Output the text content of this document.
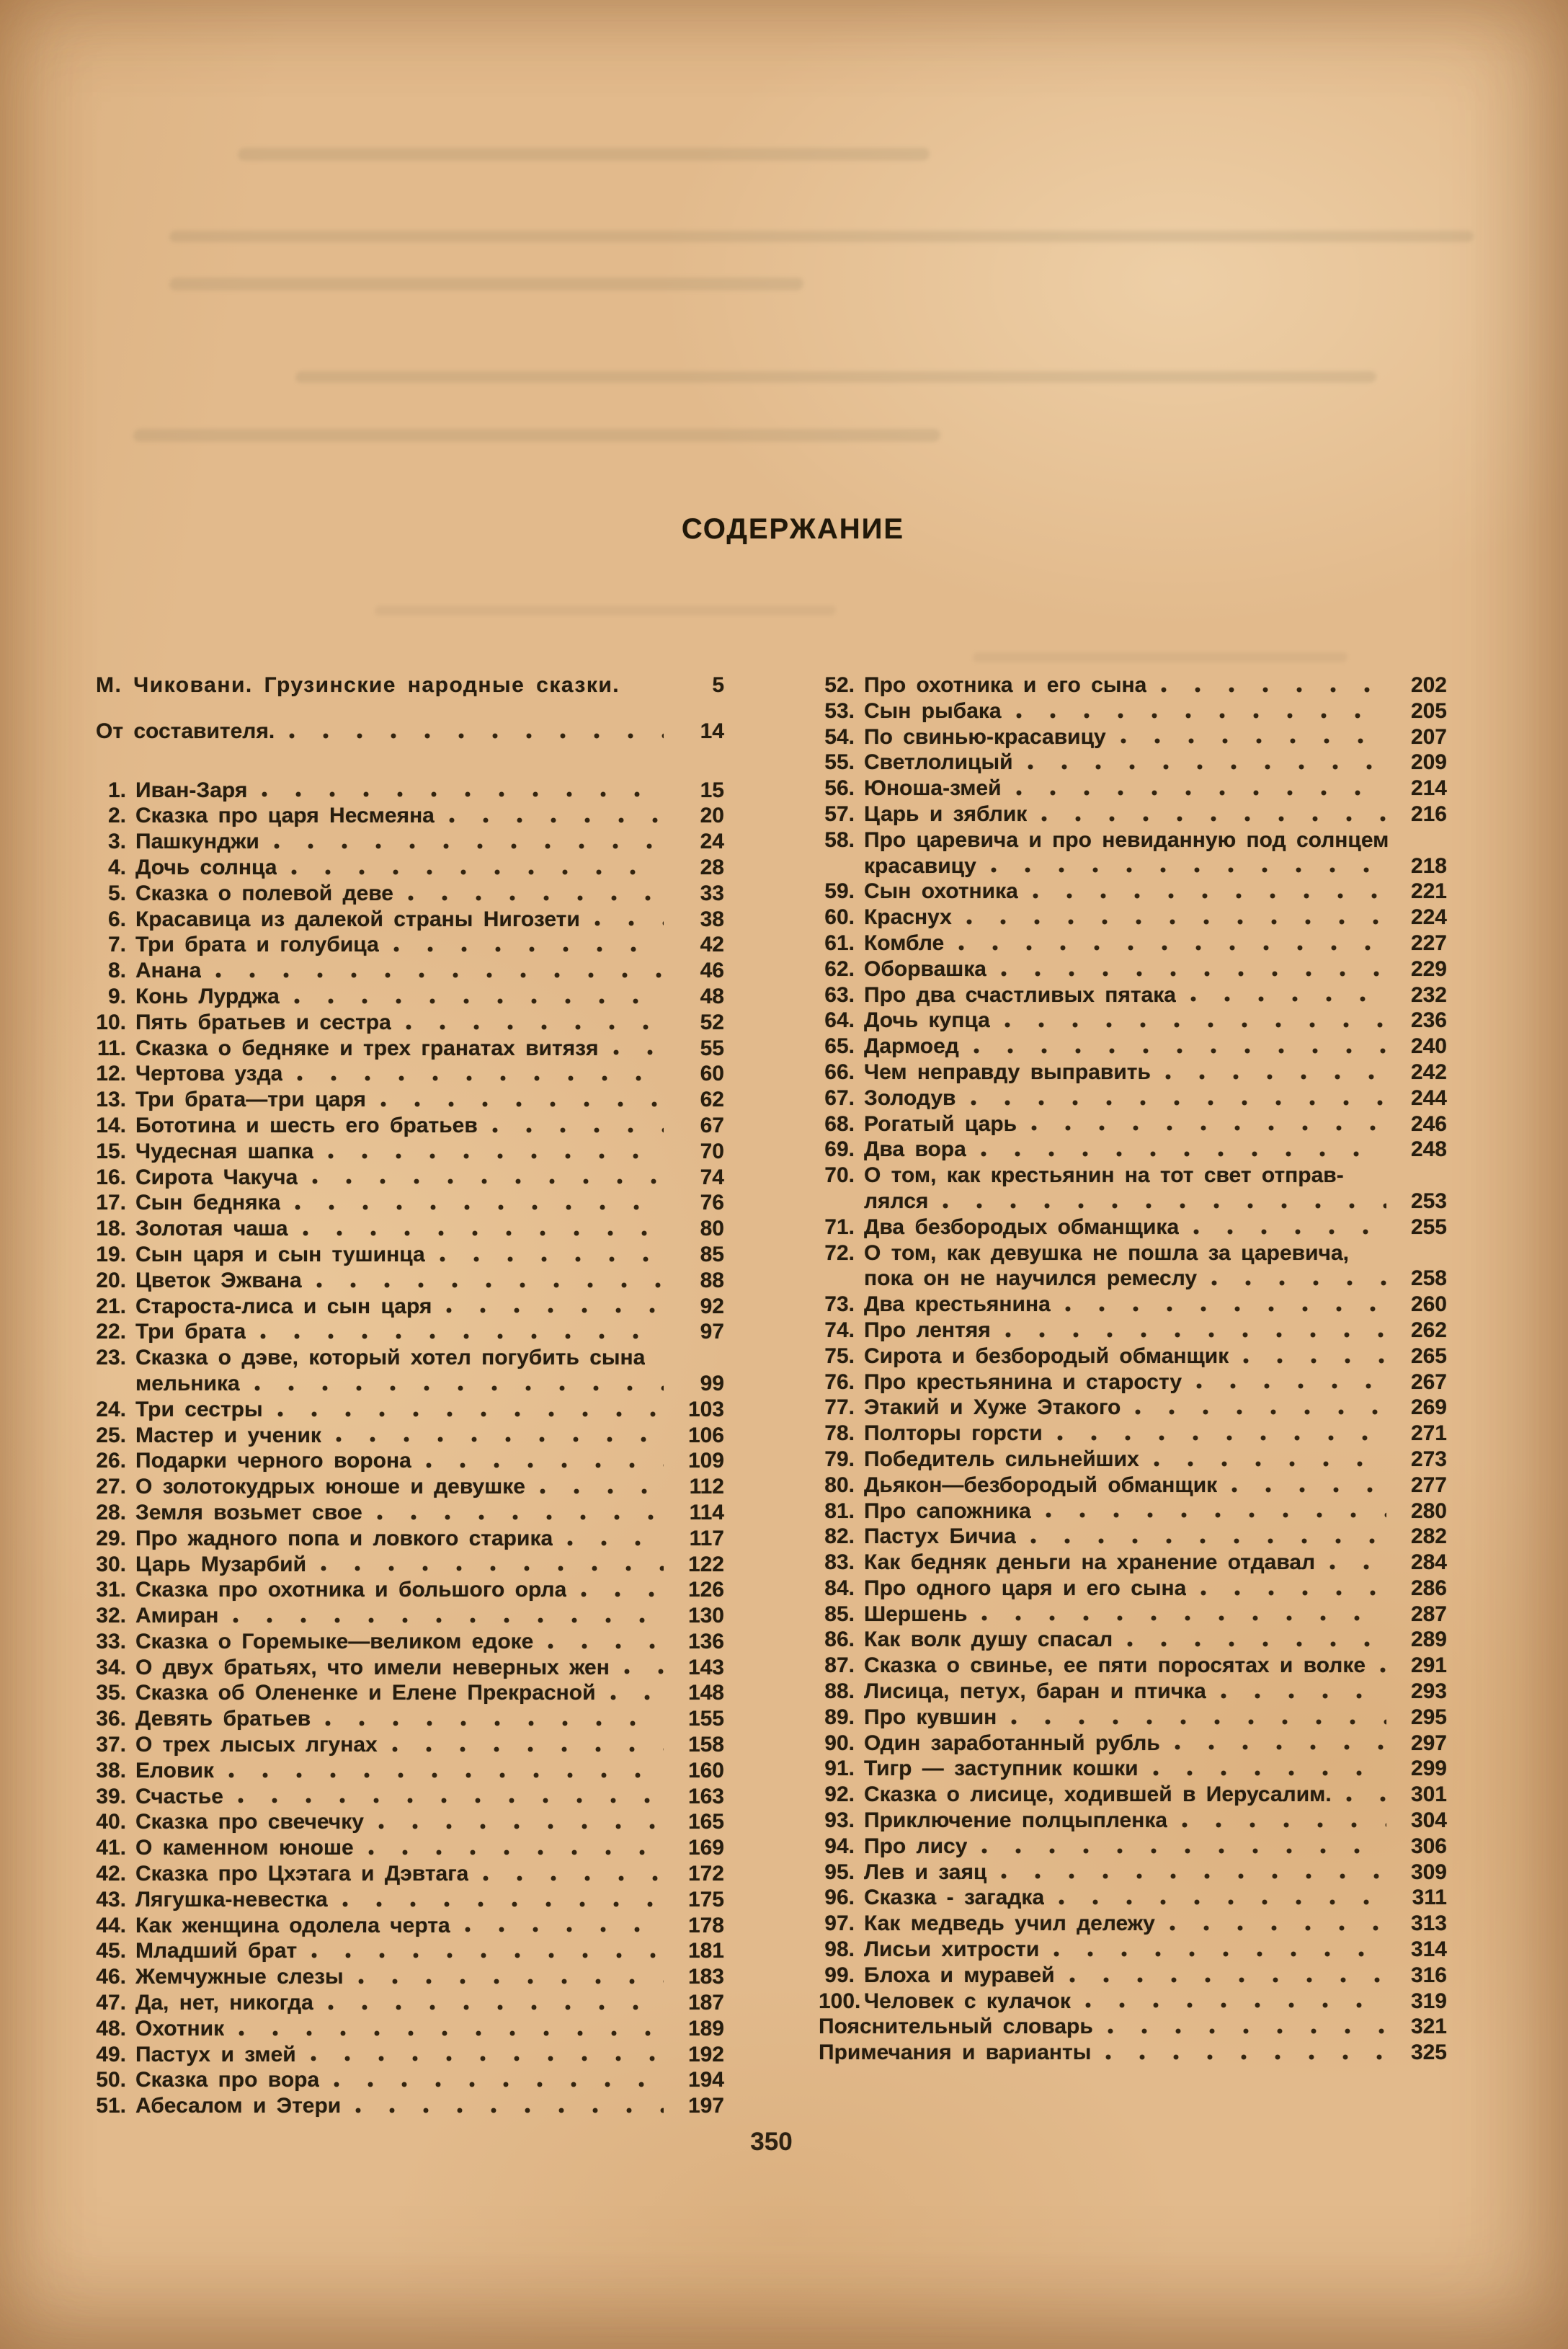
СОДЕРЖАНИЕ
М. Чиковани. Грузинские народные сказки.	5
От составителя.	14
1. Иван-Заря	15
2. Сказка про царя Несмеяна	20
3. Пашкунджи	24
4. Дочь солнца	28
5. Сказка о полевой деве	33
6. Красавица из далекой страны Нигозети	38
7. Три брата и голубица	42
8. Анана	46
9. Конь Лурджа	48
10. Пять братьев и сестра	52
11. Сказка о бедняке и трех гранатах витязя	55
12. Чертова узда	60
13. Три брата—три царя	62
14. Бототина и шесть его братьев	67
15. Чудесная шапка	70
16. Сирота Чакуча	74
17. Сын бедняка	76
18. Золотая чаша	80
19. Сын царя и сын тушинца	85
20. Цветок Эжвана	88
21. Староста-лиса и сын царя	92
22. Три брата	97
23. Сказка о дэве, который хотел погубить сына
мельника	99
24. Три сестры	103
25. Мастер и ученик	106
26. Подарки черного ворона	109
27. О золотокудрых юноше и девушке	112
28. Земля возьмет свое	114
29. Про жадного попа и ловкого старика	117
30. Царь Музарбий	122
31. Сказка про охотника и большого орла	126
32. Амиран	130
33. Сказка о Горемыке—великом едоке	136
34. О двух братьях, что имели неверных жен	143
35. Сказка об Олененке и Елене Прекрасной	148
36. Девять братьев	155
37. О трех лысых лгунах	158
38. Еловик	160
39. Счастье	163
40. Сказка про свечечку	165
41. О каменном юноше	169
42. Сказка про Цхэтага и Дэвтага	172
43. Лягушка-невестка	175
44. Как женщина одолела черта	178
45. Младший брат	181
46. Жемчужные слезы	183
47. Да, нет, никогда	187
48. Охотник	189
49. Пастух и змей	192
50. Сказка про вора	194
51. Абесалом и Этери	197
52. Про охотника и его сына	202
53. Сын рыбака	205
54. По свинью-красавицу	207
55. Светлолицый	209
56. Юноша-змей	214
57. Царь и зяблик	216
58. Про царевича и про невиданную под солнцем
красавицу	218
59. Сын охотника	221
60. Краснух	224
61. Комбле	227
62. Оборвашка	229
63. Про два счастливых пятака	232
64. Дочь купца	236
65. Дармоед	240
66. Чем неправду выправить	242
67. Золодув	244
68. Рогатый царь	246
69. Два вора	248
70. О том, как крестьянин на тот свет отправ-
лялся	253
71. Два безбородых обманщика	255
72. О том, как девушка не пошла за царевича,
пока он не научился ремеслу	258
73. Два крестьянина	260
74. Про лентяя	262
75. Сирота и безбородый обманщик	265
76. Про крестьянина и старосту	267
77. Этакий и Хуже Этакого	269
78. Полторы горсти	271
79. Победитель сильнейших	273
80. Дьякон—безбородый обманщик	277
81. Про сапожника	280
82. Пастух Бичиа	282
83. Как бедняк деньги на хранение отдавал	284
84. Про одного царя и его сына	286
85. Шершень	287
86. Как волк душу спасал	289
87. Сказка о свинье, ее пяти поросятах и волке	291
88. Лисица, петух, баран и птичка	293
89. Про кувшин	295
90. Один заработанный рубль	297
91. Тигр — заступник кошки	299
92. Сказка о лисице, ходившей в Иерусалим.	301
93. Приключение полцыпленка	304
94. Про лису	306
95. Лев и заяц	309
96. Сказка - загадка	311
97. Как медведь учил дележу	313
98. Лисьи хитрости	314
99. Блоха и муравей	316
100. Человек с кулачок	319
Пояснительный словарь	321
Примечания и варианты	325
350
